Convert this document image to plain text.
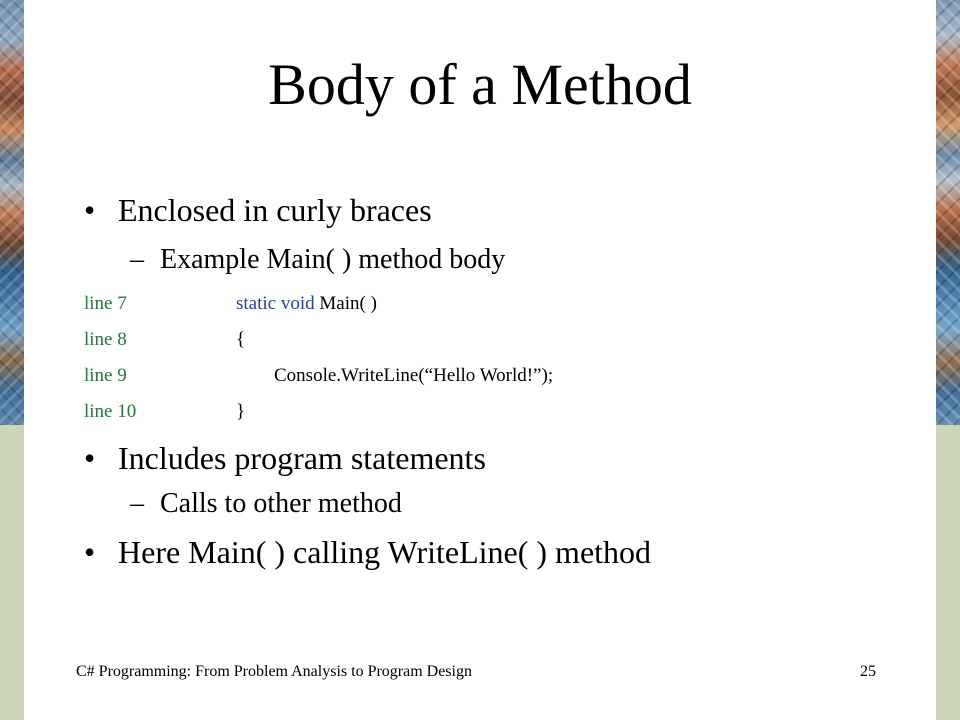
Body of a Method
• Enclosed in curly braces
– Example Main( ) method body
line 7	static void Main( )
line 8	{
line 9	Console.WriteLine(“Hello World!”);
line 10	}
• Includes program statements
– Calls to other method
• Here Main( ) calling WriteLine( ) method
C# Programming: From Problem Analysis to Program Design	25
